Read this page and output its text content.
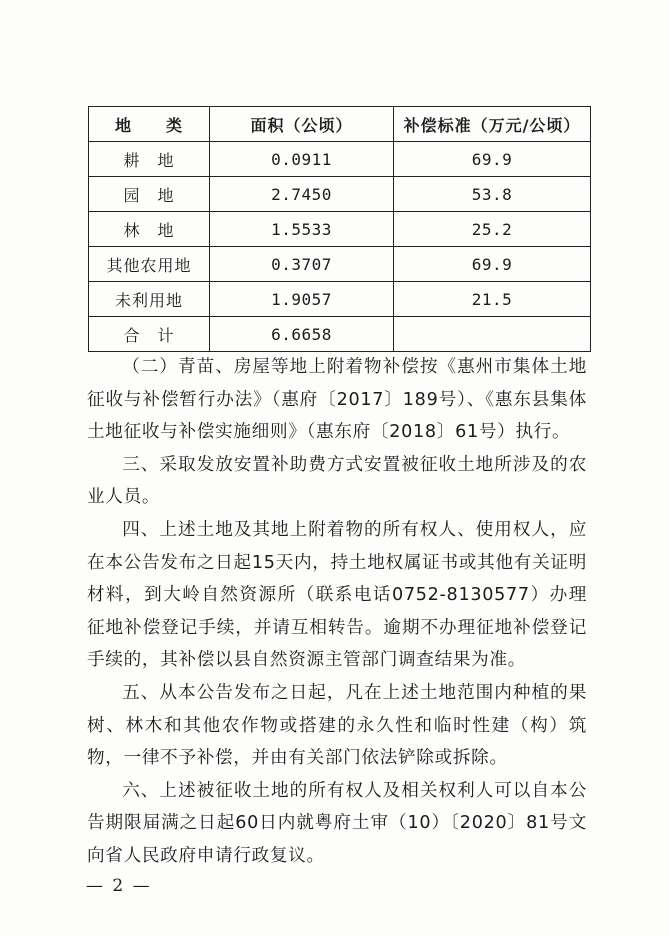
地　　类	面积（公顷）	补偿标准（万元/公顷）
耕　地	0.0911	69.9
园　地	2.7450	53.8
林　地	1.5533	25.2
其他农用地	0.3707	69.9
未利用地	1.9057	21.5
合　计	6.6658	

（二）青苗、房屋等地上附着物补偿按《惠州市集体土地征收与补偿暂行办法》（惠府〔2017〕189号）、《惠东县集体土地征收与补偿实施细则》（惠东府〔2018〕61号）执行。

三、采取发放安置补助费方式安置被征收土地所涉及的农业人员。

四、上述土地及其地上附着物的所有权人、使用权人，应在本公告发布之日起15天内，持土地权属证书或其他有关证明材料，到大岭自然资源所（联系电话0752-8130577）办理征地补偿登记手续，并请互相转告。逾期不办理征地补偿登记手续的，其补偿以县自然资源主管部门调查结果为准。

五、从本公告发布之日起，凡在上述土地范围内种植的果树、林木和其他农作物或搭建的永久性和临时性建（构）筑物，一律不予补偿，并由有关部门依法铲除或拆除。

六、上述被征收土地的所有权人及相关权利人可以自本公告期限届满之日起60日内就粤府土审（10）〔2020〕81号文向省人民政府申请行政复议。

— 2 —
